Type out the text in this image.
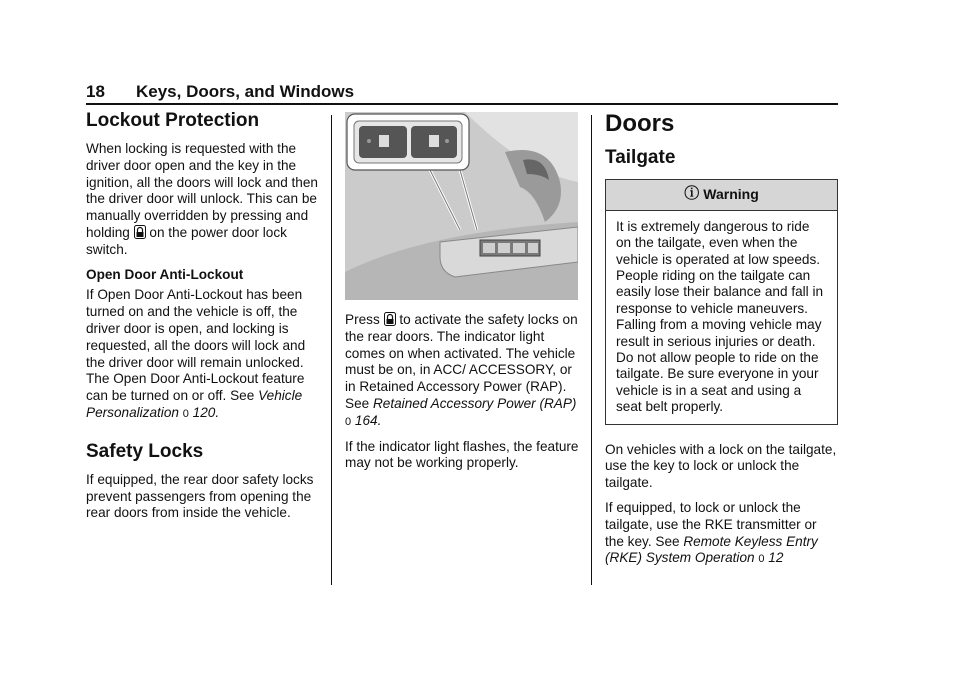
18 Keys, Doors, and Windows
Lockout Protection

When locking is requested with the driver door open and the key in the ignition, all the doors will lock and then the driver door will unlock. This can be manually overridden by pressing and holding on the power door lock switch.

Open Door Anti-Lockout

If Open Door Anti-Lockout has been turned on and the vehicle is off, the driver door is open, and locking is requested, all the doors will lock and the driver door will remain unlocked. The Open Door Anti-Lockout feature can be turned on or off. See Vehicle Personalization 0 120.

Safety Locks

If equipped, the rear door safety locks prevent passengers from opening the rear doors from inside the vehicle.

Press to activate the safety locks on the rear doors. The indicator light comes on when activated. The vehicle must be on, in ACC/ ACCESSORY, or in Retained Accessory Power (RAP). See Retained Accessory Power (RAP) 0 164.

If the indicator light flashes, the feature may not be working properly.

Doors
Tailgate
ⓘ Warning
It is extremely dangerous to ride on the tailgate, even when the vehicle is operated at low speeds. People riding on the tailgate can easily lose their balance and fall in response to vehicle maneuvers. Falling from a moving vehicle may result in serious injuries or death. Do not allow people to ride on the tailgate. Be sure everyone in your vehicle is in a seat and using a seat belt properly.

On vehicles with a lock on the tailgate, use the key to lock or unlock the tailgate.

If equipped, to lock or unlock the tailgate, use the RKE transmitter or the key. See Remote Keyless Entry (RKE) System Operation 0 12
